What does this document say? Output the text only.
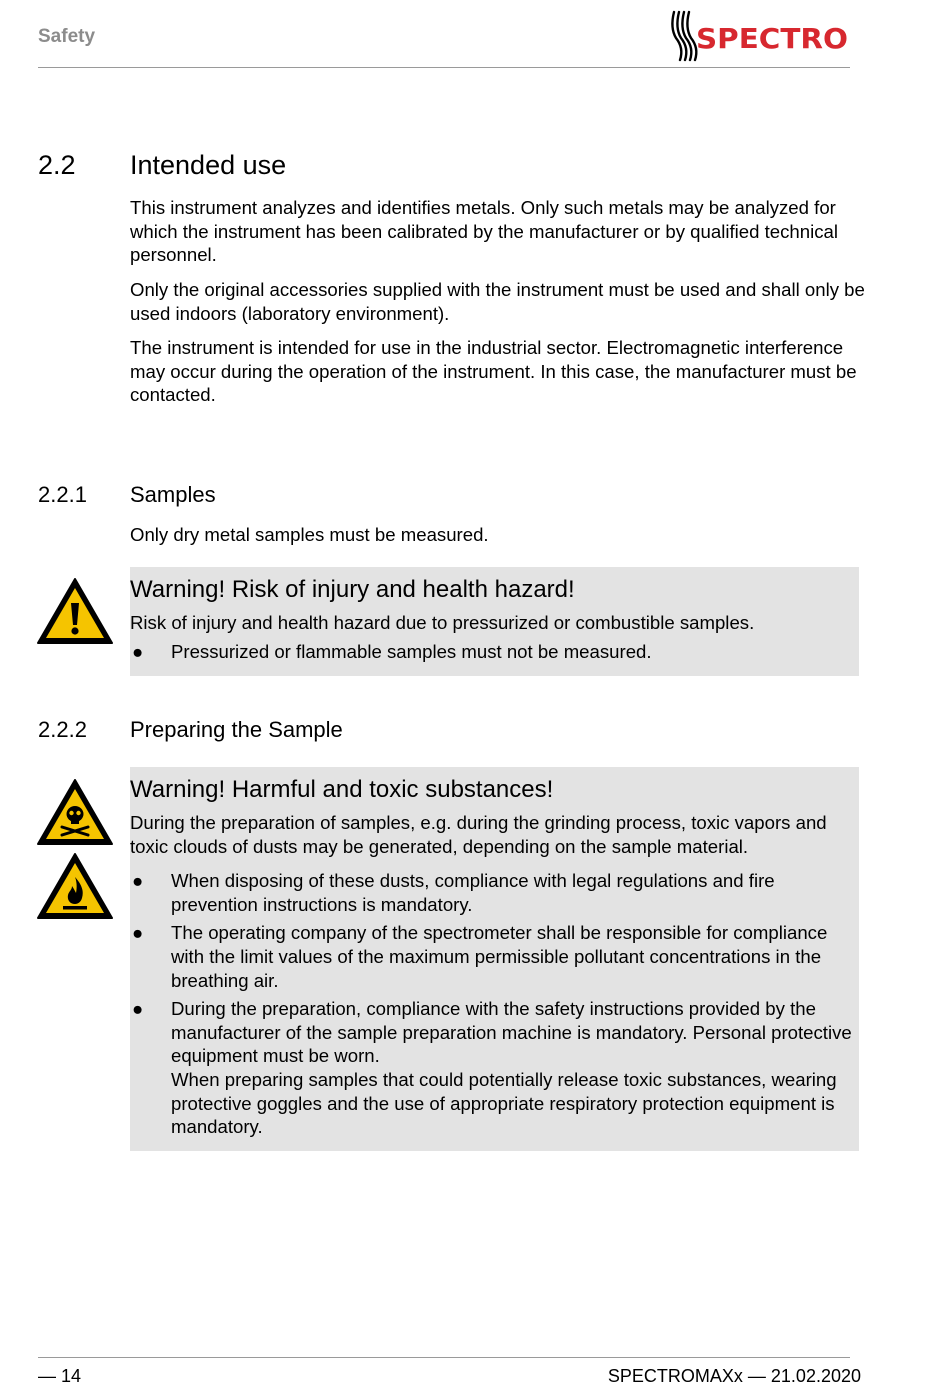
Safety	SPECTRO
2.2 Intended use

This instrument analyzes and identifies metals. Only such metals may be analyzed for which the instrument has been calibrated by the manufacturer or by qualified technical personnel.

Only the original accessories supplied with the instrument must be used and shall only be used indoors (laboratory environment).

The instrument is intended for use in the industrial sector. Electromagnetic interference may occur during the operation of the instrument. In this case, the manufacturer must be contacted.

2.2.1 Samples

Only dry metal samples must be measured.

Warning! Risk of injury and health hazard!

Risk of injury and health hazard due to pressurized or combustible samples.

● Pressurized or flammable samples must not be measured.
2.2.2 Preparing the Sample
Warning! Harmful and toxic substances!

During the preparation of samples, e.g. during the grinding process, toxic vapors and toxic clouds of dusts may be generated, depending on the sample material.

● When disposing of these dusts, compliance with legal regulations and fire prevention instructions is mandatory.
● The operating company of the spectrometer shall be responsible for compliance with the limit values of the maximum permissible pollutant concentrations in the breathing air.
● During the preparation, compliance with the safety instructions provided by the manufacturer of the sample preparation machine is mandatory. Personal protective equipment must be worn.
When preparing samples that could potentially release toxic substances, wearing protective goggles and the use of appropriate respiratory protection equipment is mandatory.
— 14	SPECTROMAXx — 21.02.2020
